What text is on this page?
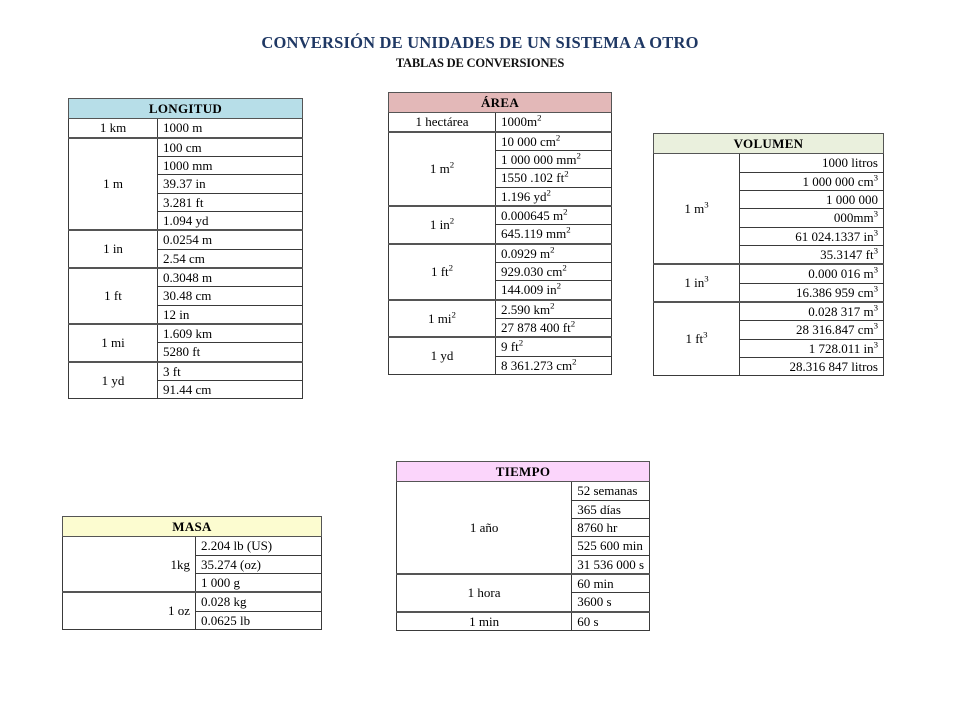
CONVERSIÓN DE UNIDADES DE UN SISTEMA A OTRO
TABLAS DE CONVERSIONES
LONGITUD	
1 km	1000 m
1 m	100 cm
	1000 mm
	39.37 in
	3.281 ft
	1.094 yd
1 in	0.0254 m
	2.54 cm
1 ft	0.3048 m
	30.48 cm
	12 in
1 mi	1.609 km
	5280 ft
1 yd	3 ft
	91.44 cm
ÁREA	
1 hectárea	$1000m^2$
1 $m^2$	10 000 $cm^2$
	1 000 000 $mm^2$
	1550 .102 $ft^2$
	1.196 $yd^2$
1 $in^2$	0.000645 $m^2$
	645.119 $mm^2$
1 $ft^2$	0.0929 $m^2$
	929.030 $cm^2$
	144.009 $in^2$
1 $mi^2$	2.590 $km^2$
	27 878 400 $ft^2$
1 yd	9 $ft^2$
	8 361.273 $cm^2$
VOLUMEN	
1 $m^3$	1000 litros
	1 000 000 $cm^3$
	1 000 000
	$000mm^3$
	61 024.1337 $in^3$
	35.3147 $ft^3$
1 $in^3$	0.000 016 $m^3$
	16.386 959 $cm^3$
1 $ft^3$	0.028 317 $m^3$
	28 316.847 $cm^3$
	1 728.011 $in^3$
	28.316 847 litros
MASA	
1kg	2.204 lb (US)
	35.274 (oz)
	1 000 g
1 oz	0.028 kg
	0.0625 lb
TIEMPO	
1 año	52 semanas
	365 días
	8760 hr
	525 600 min
	31 536 000 s
1 hora	60 min
	3600 s
1 min	60 s
